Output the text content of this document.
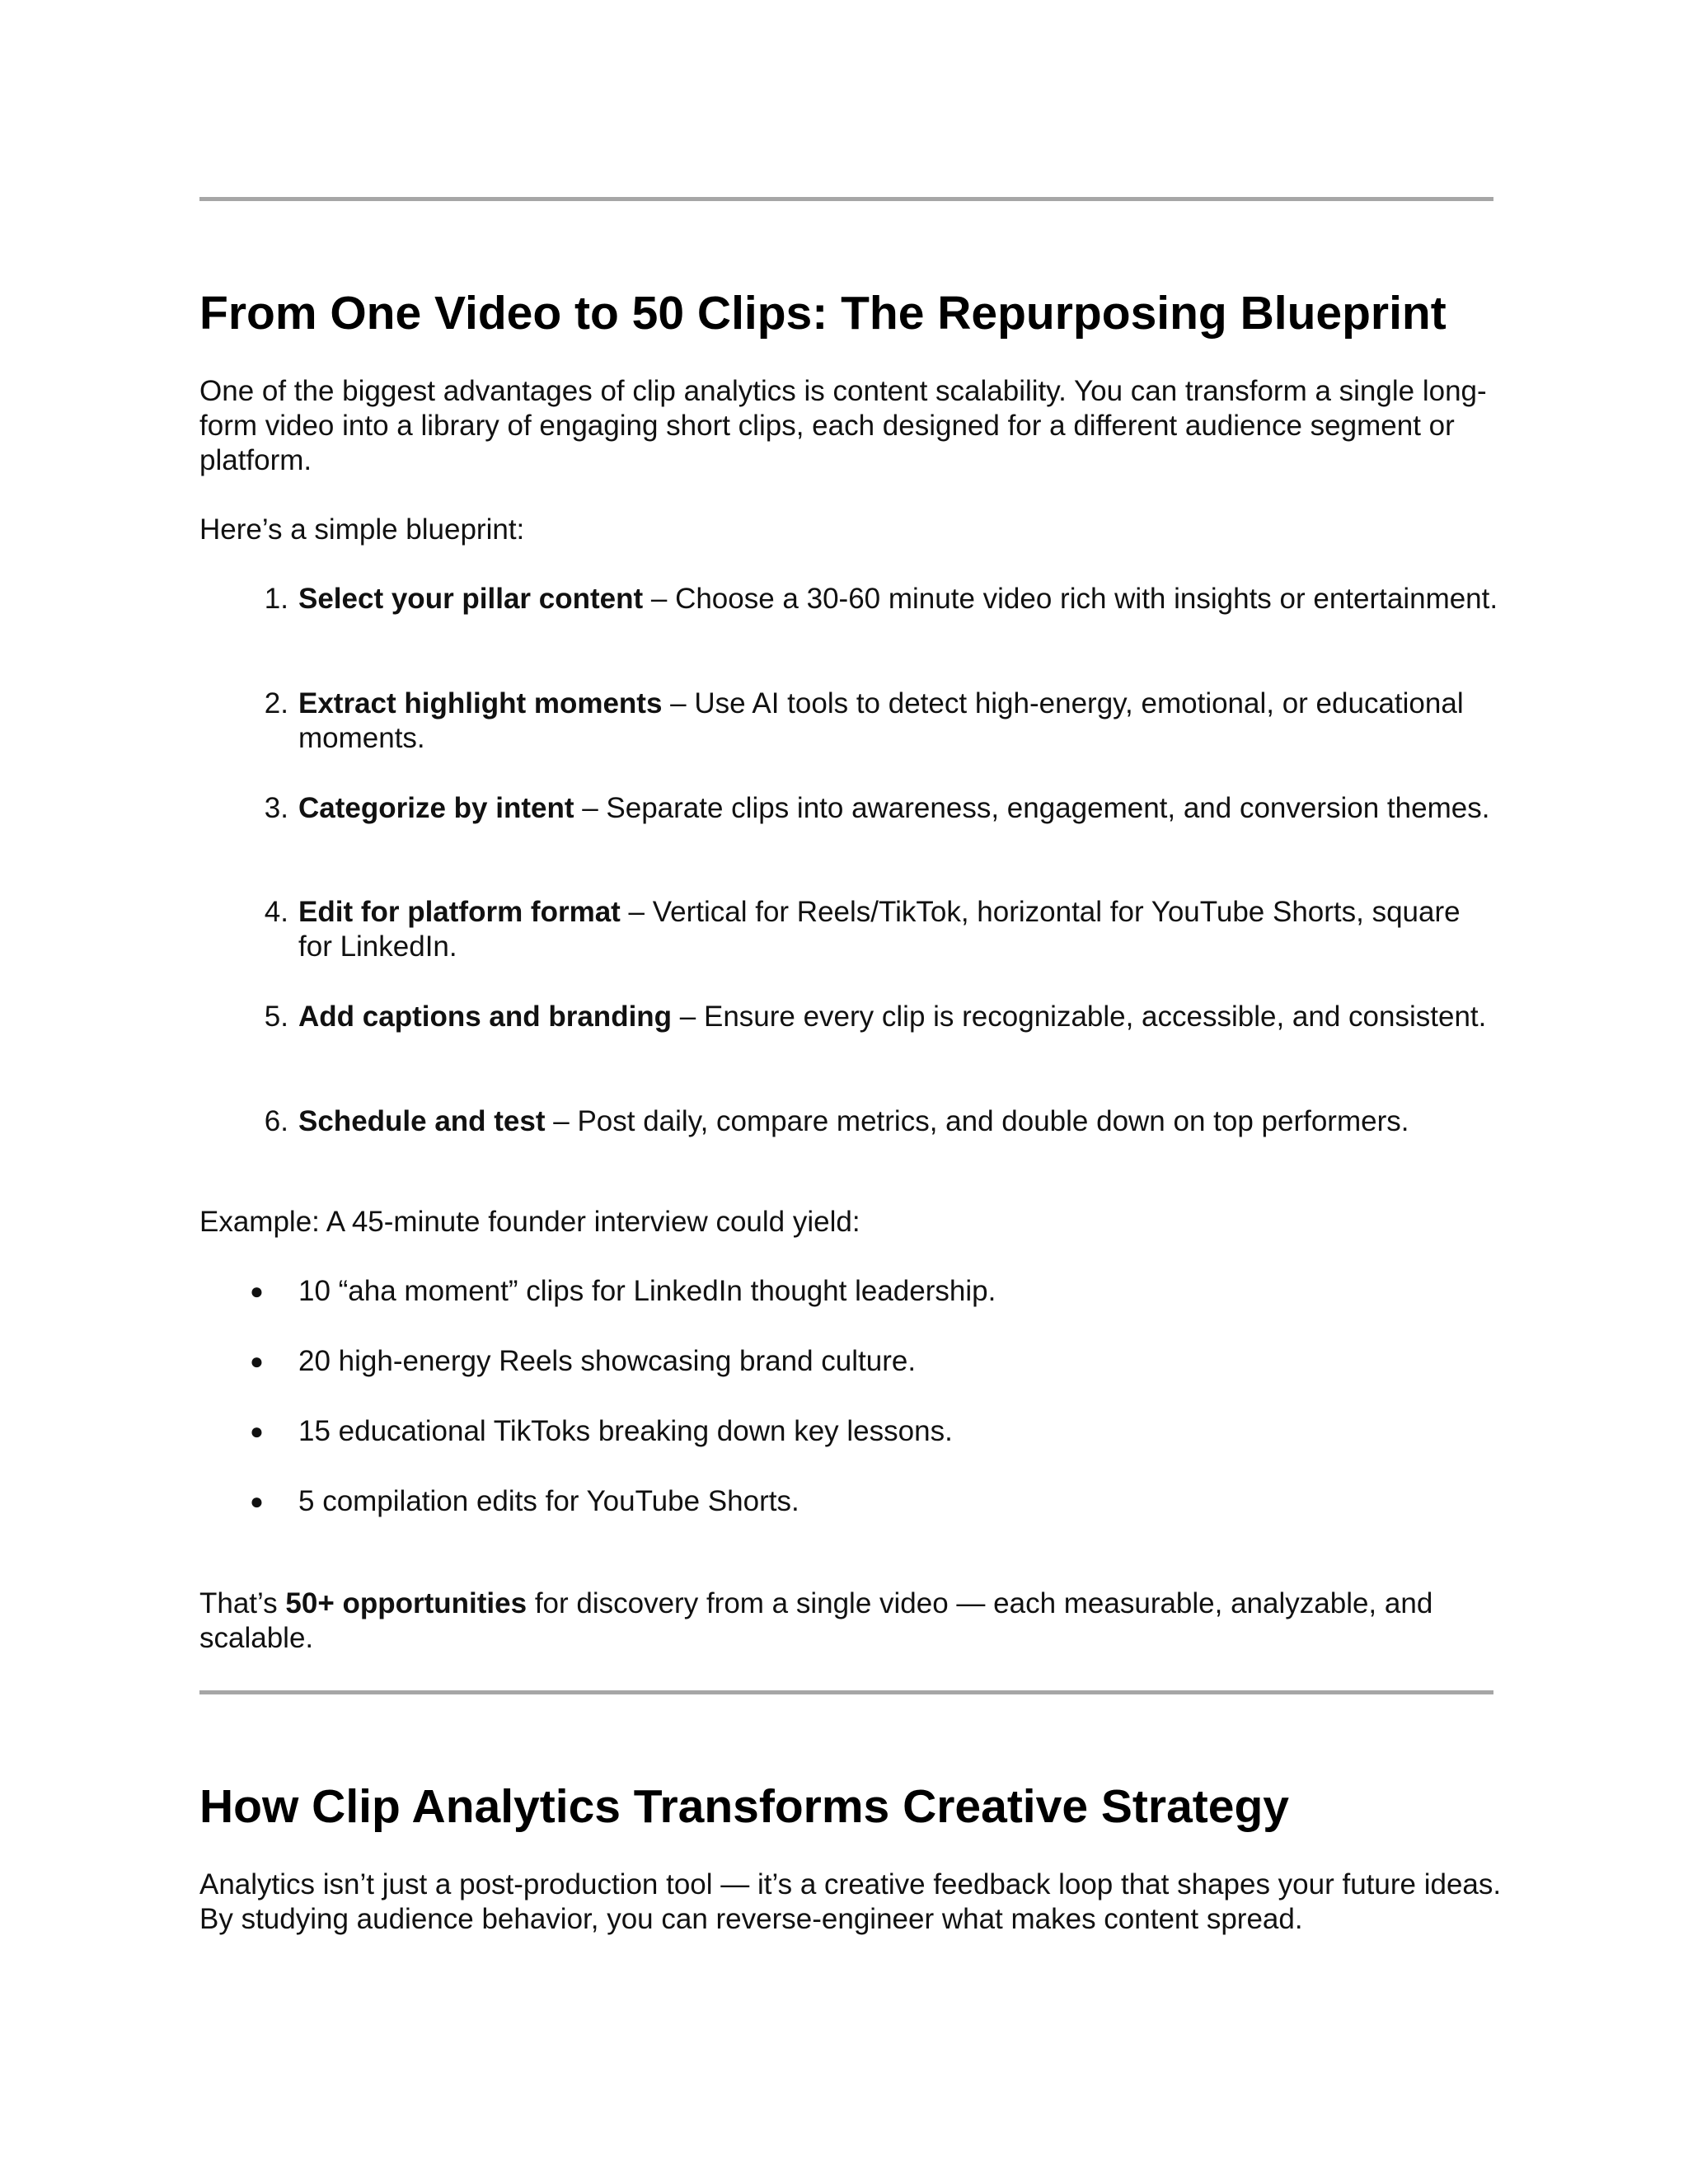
From One Video to 50 Clips: The Repurposing Blueprint

One of the biggest advantages of clip analytics is content scalability. You can transform a single long-form video into a library of engaging short clips, each designed for a different audience segment or platform.

Here’s a simple blueprint:

1. Select your pillar content – Choose a 30-60 minute video rich with insights or entertainment.
2. Extract highlight moments – Use AI tools to detect high-energy, emotional, or educational moments.
3. Categorize by intent – Separate clips into awareness, engagement, and conversion themes.
4. Edit for platform format – Vertical for Reels/TikTok, horizontal for YouTube Shorts, square for LinkedIn.
5. Add captions and branding – Ensure every clip is recognizable, accessible, and consistent.
6. Schedule and test – Post daily, compare metrics, and double down on top performers.

Example: A 45-minute founder interview could yield:

● 10 “aha moment” clips for LinkedIn thought leadership.
● 20 high-energy Reels showcasing brand culture.
● 15 educational TikToks breaking down key lessons.
● 5 compilation edits for YouTube Shorts.

That’s 50+ opportunities for discovery from a single video — each measurable, analyzable, and scalable.

How Clip Analytics Transforms Creative Strategy

Analytics isn’t just a post-production tool — it’s a creative feedback loop that shapes your future ideas. By studying audience behavior, you can reverse-engineer what makes content spread.
